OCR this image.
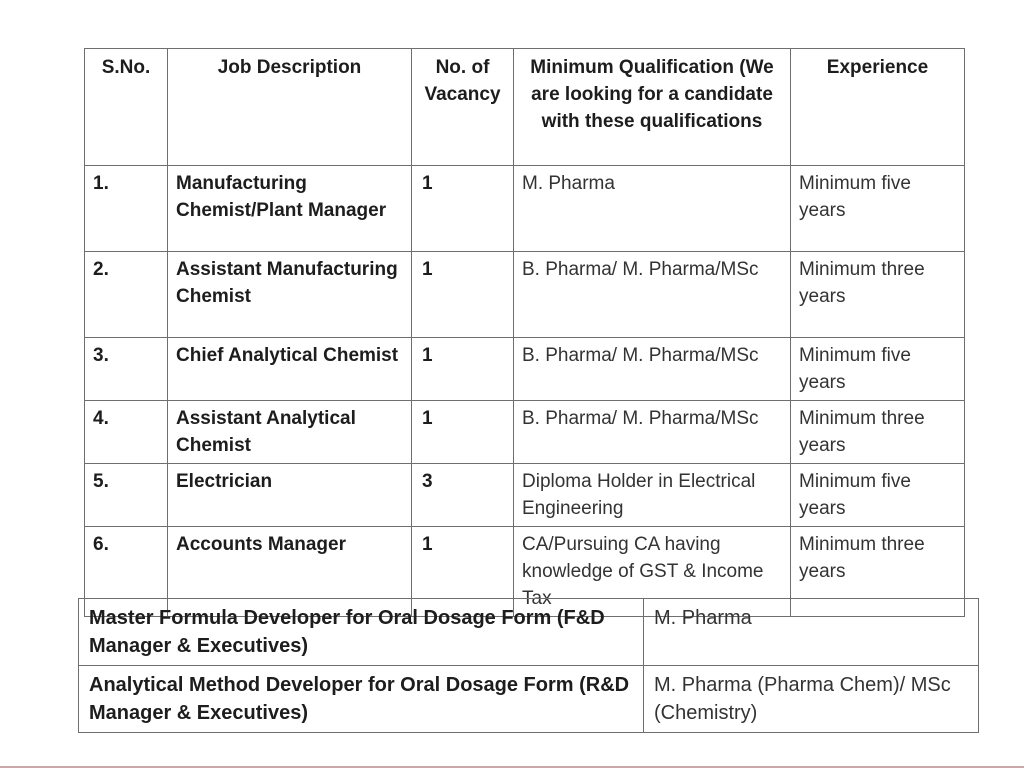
S.No.	Job Description	No. of Vacancy	Minimum Qualification (We are looking for a candidate with these qualifications	Experience
1.	Manufacturing Chemist/Plant Manager	1	M. Pharma	Minimum five years
2.	Assistant Manufacturing Chemist	1	B. Pharma/ M. Pharma/MSc	Minimum three years
3.	Chief Analytical Chemist	1	B. Pharma/ M. Pharma/MSc	Minimum five years
4.	Assistant Analytical Chemist	1	B. Pharma/ M. Pharma/MSc	Minimum three years
5.	Electrician	3	Diploma Holder in Electrical Engineering	Minimum five years
6.	Accounts Manager	1	CA/Pursuing CA having knowledge of GST & Income Tax	Minimum three years
Master Formula Developer for Oral Dosage Form (F&D Manager & Executives)	M. Pharma
Analytical Method Developer for Oral Dosage Form (R&D Manager & Executives)	M. Pharma (Pharma Chem)/ MSc (Chemistry)
